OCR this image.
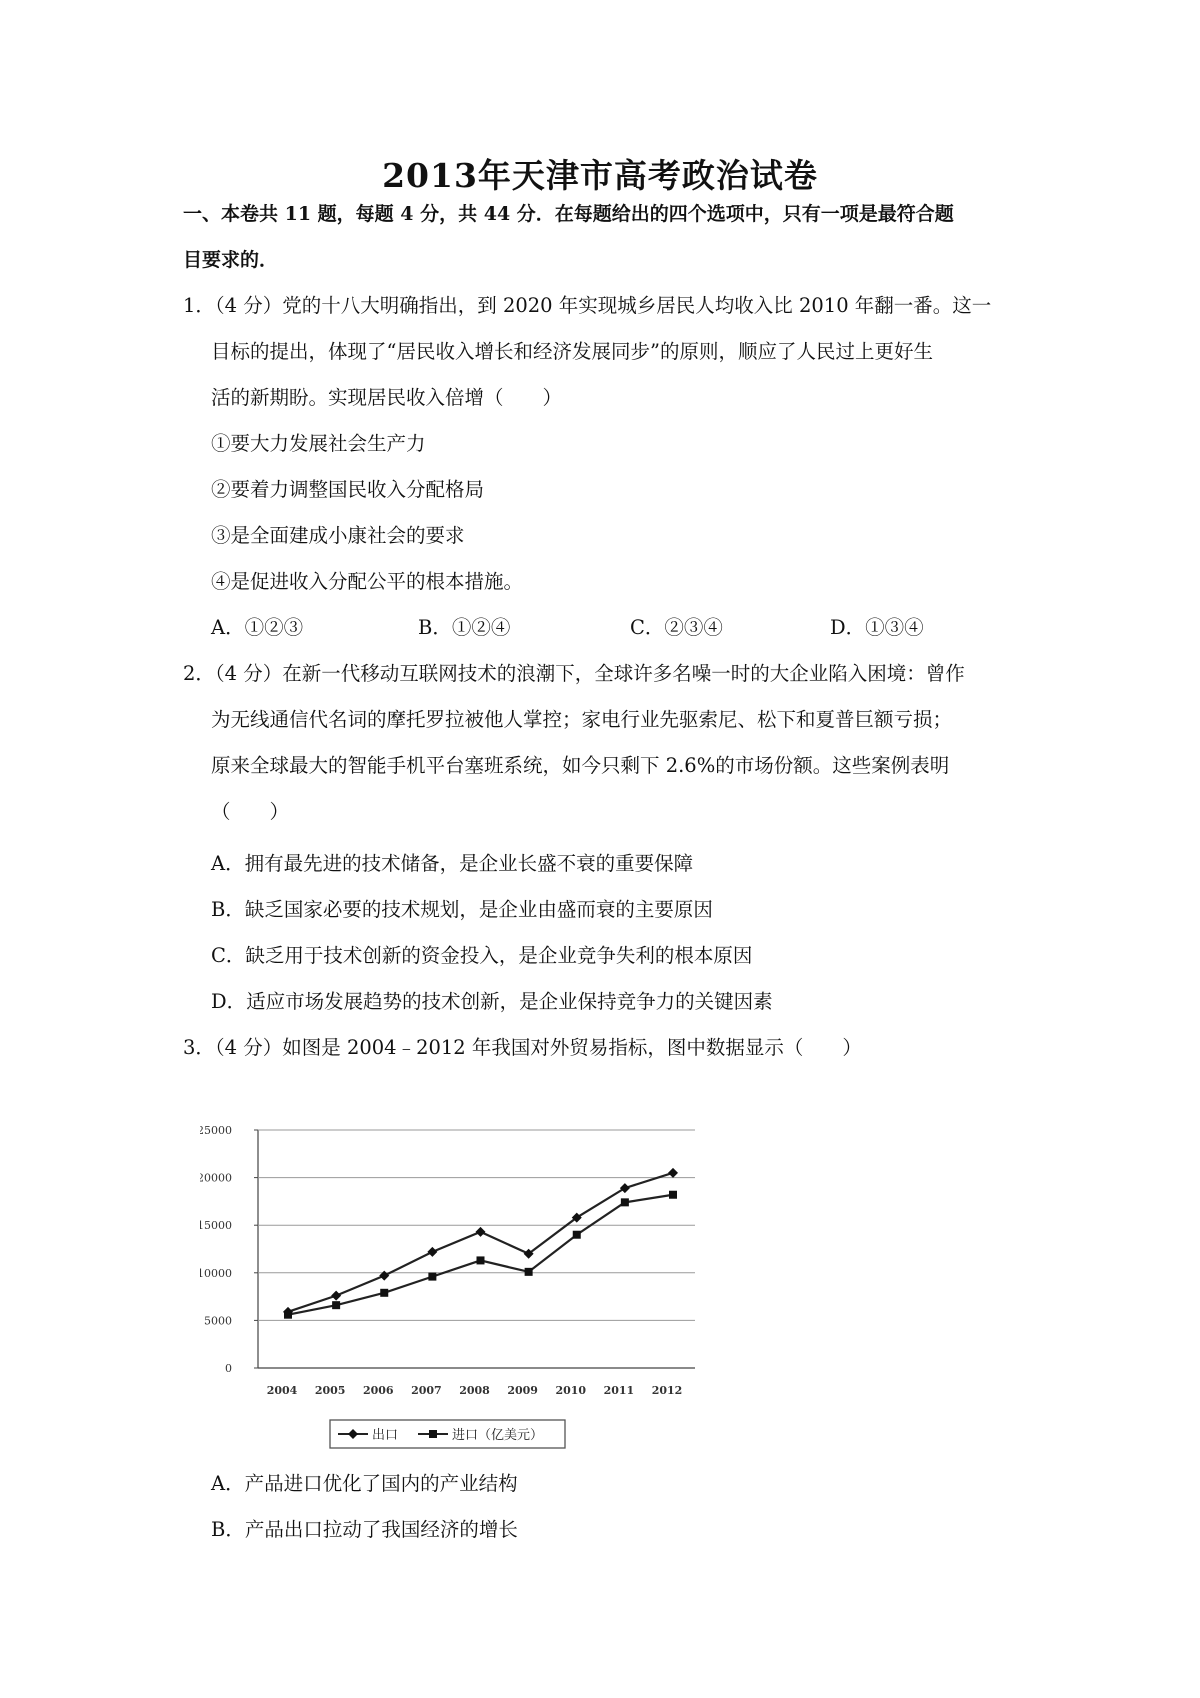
2013年天津市高考政治试卷
一、本卷共 11 题，每题 4 分，共 44 分．在每题给出的四个选项中，只有一项是最符合题
目要求的．
1．（4 分）党的十八大明确指出，到 2020 年实现城乡居民人均收入比 2010 年翻一番。这一
目标的提出，体现了“居民收入增长和经济发展同步”的原则，顺应了人民过上更好生
活的新期盼。实现居民收入倍增（　　）
①要大力发展社会生产力
②要着力调整国民收入分配格局
③是全面建成小康社会的要求
④是促进收入分配公平的根本措施。
A．①②③	B．①②④	C．②③④	D．①③④
2．（4 分）在新一代移动互联网技术的浪潮下，全球许多名噪一时的大企业陷入困境：曾作
为无线通信代名词的摩托罗拉被他人掌控；家电行业先驱索尼、松下和夏普巨额亏损；
原来全球最大的智能手机平台塞班系统，如今只剩下 2.6%的市场份额。这些案例表明
（　　）
A．拥有最先进的技术储备，是企业长盛不衰的重要保障
B．缺乏国家必要的技术规划，是企业由盛而衰的主要原因
C．缺乏用于技术创新的资金投入，是企业竞争失利的根本原因
D．适应市场发展趋势的技术创新，是企业保持竞争力的关键因素
3．（4 分）如图是 2004﹣2012 年我国对外贸易指标，图中数据显示（　　）
0
5000
10000
15000
20000
25000
2004 2005 2006 2007 2008 2009 2010 2011 2012
出口	进口（亿美元）
A．产品进口优化了国内的产业结构
B．产品出口拉动了我国经济的增长
